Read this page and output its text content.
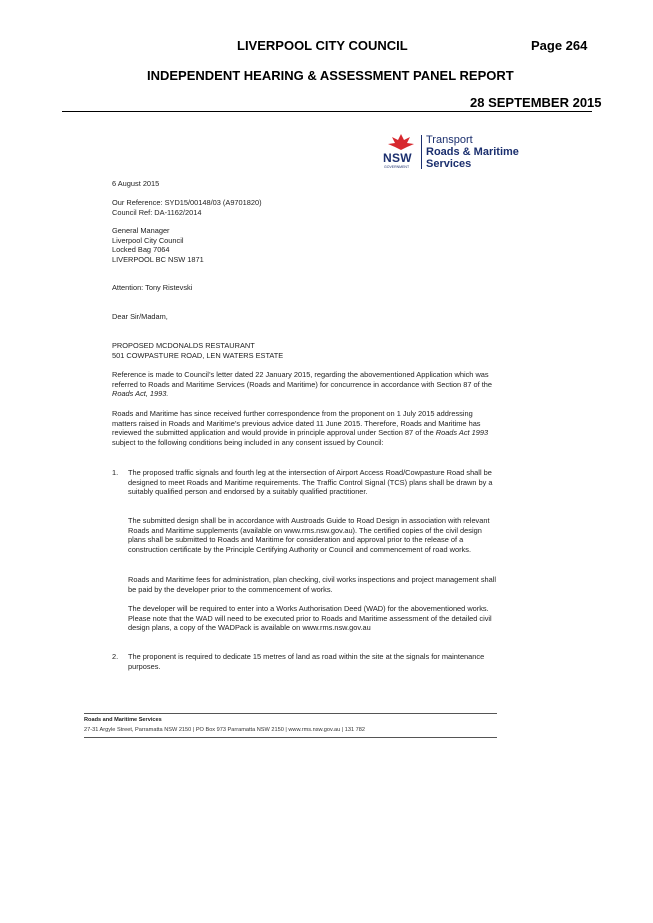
LIVERPOOL CITY COUNCIL	Page 264
INDEPENDENT HEARING & ASSESSMENT PANEL REPORT
28 SEPTEMBER 2015
NSW
GOVERNMENT
Transport
Roads & Maritime
Services
6 August 2015

Our Reference: SYD15/00148/03 (A9701820)

Council Ref: DA-1162/2014

General Manager

Liverpool City Council

Locked Bag 7064

LIVERPOOL BC NSW 1871

Attention: Tony Ristevski
Dear Sir/Madam,

PROPOSED MCDONALDS RESTAURANT

501 COWPASTURE ROAD, LEN WATERS ESTATE

Reference is made to Council’s letter dated 22 January 2015, regarding the abovementioned Application which was referred to Roads and Maritime Services (Roads and Maritime) for concurrence in accordance with Section 87 of the Roads Act, 1993.

Roads and Maritime has since received further correspondence from the proponent on 1 July 2015 addressing matters raised in Roads and Maritime’s previous advice dated 11 June 2015. Therefore, Roads and Maritime has reviewed the submitted application and would provide in principle approval under Section 87 of the Roads Act 1993 subject to the following conditions being included in any consent issued by Council:

1.	The proposed traffic signals and fourth leg at the intersection of Airport Access Road/Cowpasture Road shall be designed to meet Roads and Maritime requirements. The Traffic Control Signal (TCS) plans shall be drawn by a suitably qualified person and endorsed by a suitably qualified practitioner.

The submitted design shall be in accordance with Austroads Guide to Road Design in association with relevant Roads and Maritime supplements (available on www.rms.nsw.gov.au). The certified copies of the civil design plans shall be submitted to Roads and Maritime for consideration and approval prior to the release of a construction certificate by the Principle Certifying Authority or Council and commencement of road works.

Roads and Maritime fees for administration, plan checking, civil works inspections and project management shall be paid by the developer prior to the commencement of works.

The developer will be required to enter into a Works Authorisation Deed (WAD) for the abovementioned works. Please note that the WAD will need to be executed prior to Roads and Maritime assessment of the detailed civil design plans, a copy of the WADPack is available on www.rms.nsw.gov.au

2.	The proponent is required to dedicate 15 metres of land as road within the site at the signals for maintenance purposes.

Roads and Maritime Services
27-31 Argyle Street, Parramatta NSW 2150 | PO Box 973 Parramatta NSW 2150 | www.rms.nsw.gov.au | 131 782
